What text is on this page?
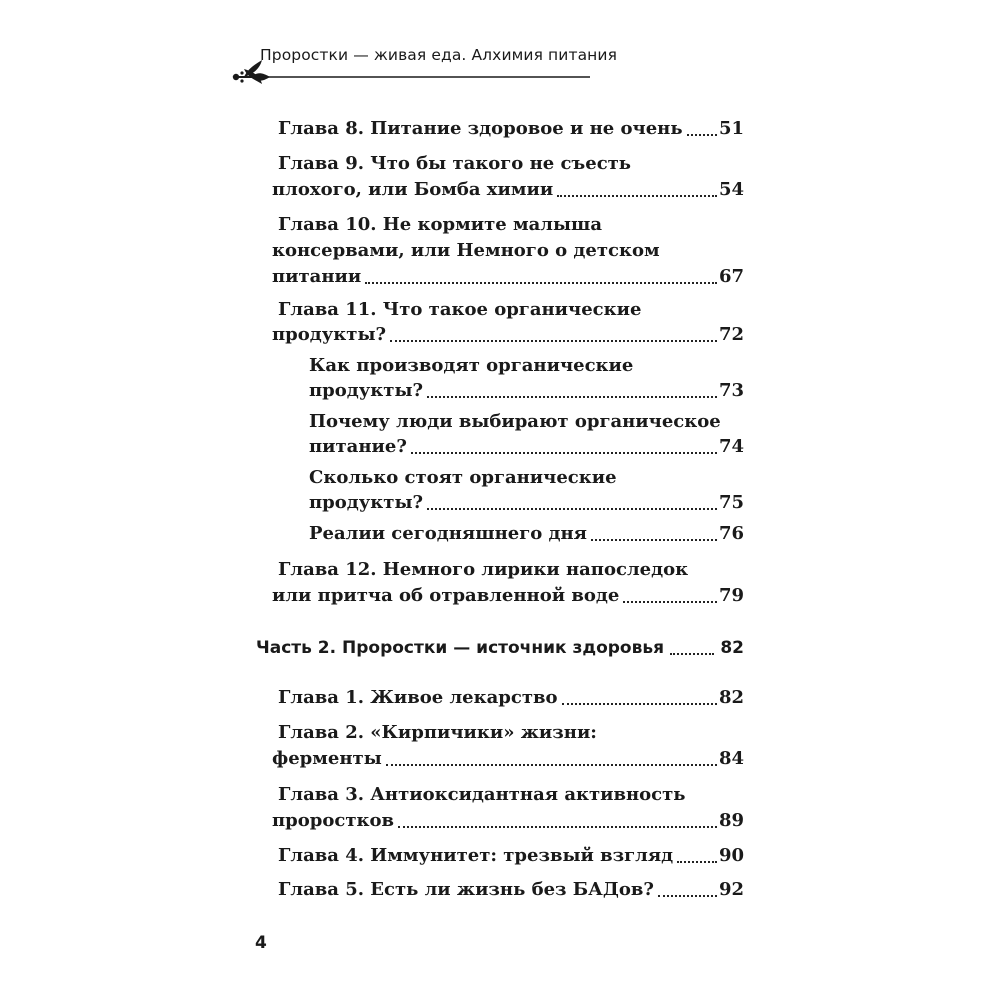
Проростки — живая еда. Алхимия питания
Глава 8. Питание здоровое и не очень 51
Глава 9. Что бы такого не съесть
плохого, или Бомба химии	54
Глава 10. Не кормите малыша
консервами, или Немного о детском
питании	67
Глава 11. Что такое органические
продукты?	72
Как производят органические
продукты?	73
Почему люди выбирают органическое
питание?	74
Сколько стоят органические
продукты?	75
Реалии сегодняшнего дня	76
Глава 12. Немного лирики напоследок
или притча об отравленной воде	79
Часть 2. Проростки — источник здоровья	82
Глава 1. Живое лекарство	82
Глава 2. «Кирпичики» жизни:
ферменты	84
Глава 3. Антиоксидантная активность
проростков	89
Глава 4. Иммунитет: трезвый взгляд	90
Глава 5. Есть ли жизнь без БАДов?	92
4
